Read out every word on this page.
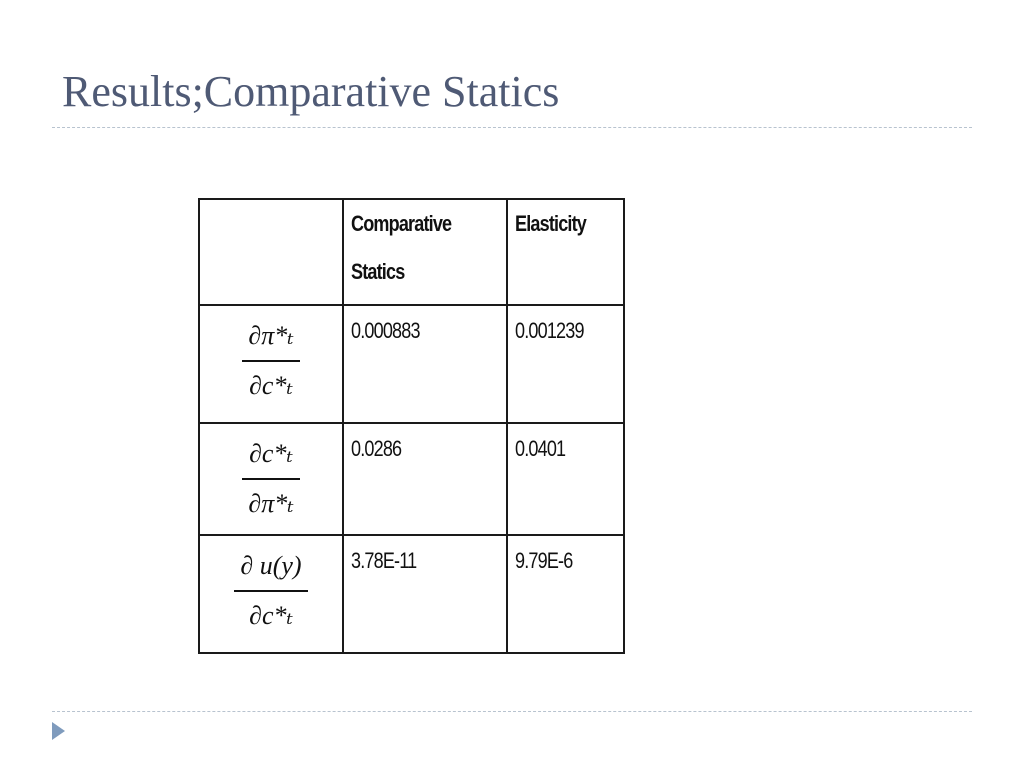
Results;Comparative Statics
	Comparative Statics	Elasticity

$\frac{\text{∂π*ₜ}}{\text{∂c*ₜ}}$	0.000883	0.001239

$\frac{\text{∂c*ₜ}}{\text{∂π*ₜ}}$	0.0286	0.0401

$\frac{\partial u(y)}{\text{∂c*ₜ}}$	3.78E-11	9.79E-6
